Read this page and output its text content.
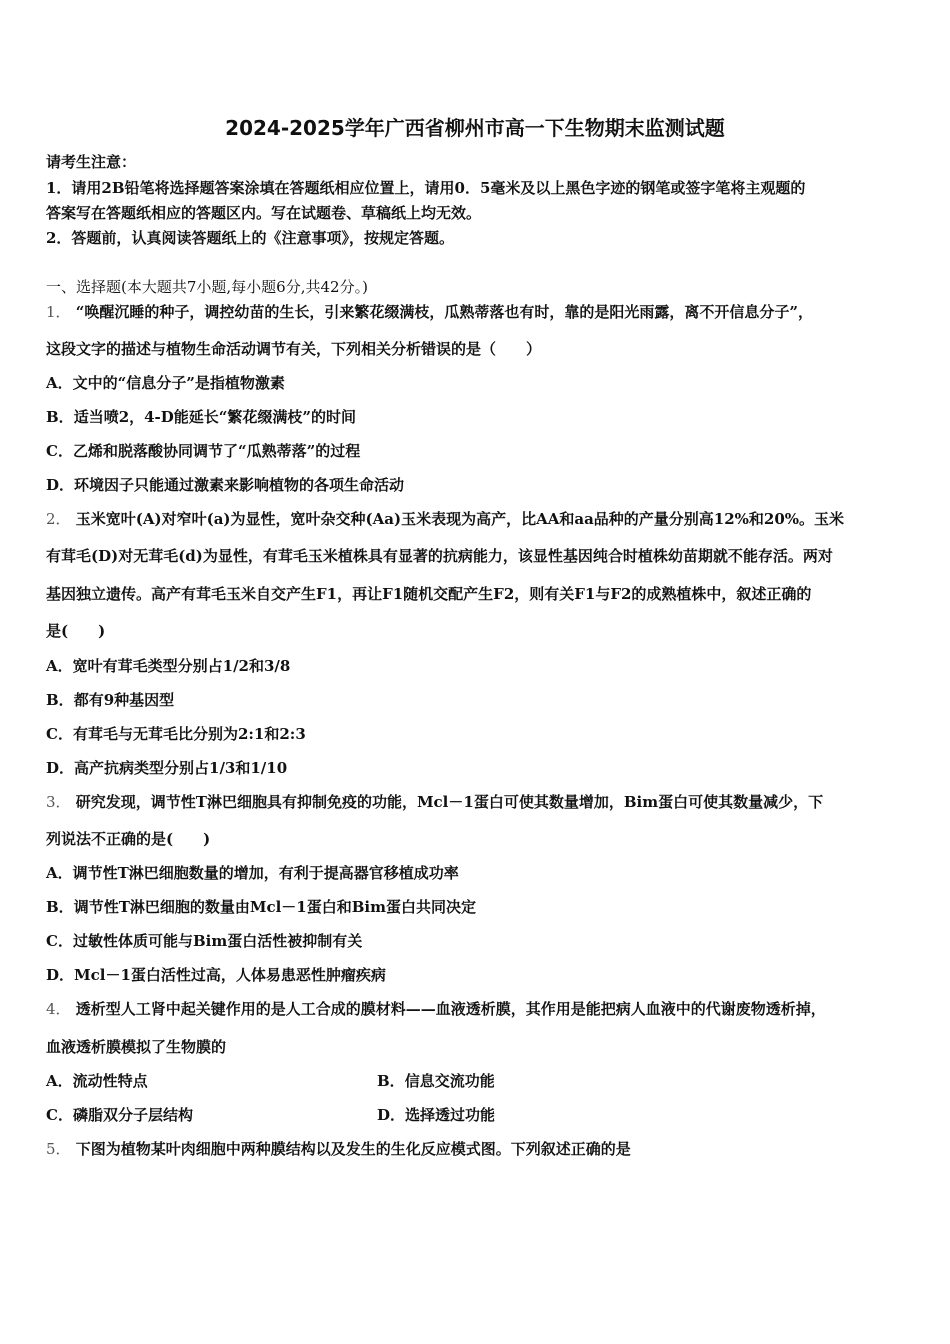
2024-2025学年广西省柳州市高一下生物期末监测试题
请考生注意：
1．请用2B铅笔将选择题答案涂填在答题纸相应位置上，请用0．5毫米及以上黑色字迹的钢笔或签字笔将主观题的
答案写在答题纸相应的答题区内。写在试题卷、草稿纸上均无效。
2．答题前，认真阅读答题纸上的《注意事项》，按规定答题。
一、选择题(本大题共7小题,每小题6分,共42分。)
1． “唤醒沉睡的种子，调控幼苗的生长，引来繁花缀满枝，瓜熟蒂落也有时，靠的是阳光雨露，离不开信息分子”，
这段文字的描述与植物生命活动调节有关，下列相关分析错误的是（　　）
A．文中的“信息分子”是指植物激素
B．适当喷2，4-D能延长“繁花缀满枝”的时间
C．乙烯和脱落酸协同调节了“瓜熟蒂落”的过程
D．环境因子只能通过激素来影响植物的各项生命活动
2． 玉米宽叶(A)对窄叶(a)为显性，宽叶杂交种(Aa)玉米表现为高产，比AA和aa品种的产量分别高12%和20%。玉米
有茸毛(D)对无茸毛(d)为显性，有茸毛玉米植株具有显著的抗病能力，该显性基因纯合时植株幼苗期就不能存活。两对
基因独立遗传。高产有茸毛玉米自交产生F1，再让F1随机交配产生F2，则有关F1与F2的成熟植株中，叙述正确的
是(　　)
A．宽叶有茸毛类型分别占1/2和3/8
B．都有9种基因型
C．有茸毛与无茸毛比分别为2:1和2:3
D．高产抗病类型分别占1/3和1/10
3． 研究发现，调节性T淋巴细胞具有抑制免疫的功能，Mcl－1蛋白可使其数量增加，Bim蛋白可使其数量减少，下
列说法不正确的是(　　)
A．调节性T淋巴细胞数量的增加，有利于提高器官移植成功率
B．调节性T淋巴细胞的数量由Mcl－1蛋白和Bim蛋白共同决定
C．过敏性体质可能与Bim蛋白活性被抑制有关
D．Mcl－1蛋白活性过高，人体易患恶性肿瘤疾病
4． 透析型人工肾中起关键作用的是人工合成的膜材料——血液透析膜，其作用是能把病人血液中的代谢废物透析掉，
血液透析膜模拟了生物膜的
A．流动性特点	B．信息交流功能
C．磷脂双分子层结构	D．选择透过功能
5． 下图为植物某叶肉细胞中两种膜结构以及发生的生化反应模式图。下列叙述正确的是
